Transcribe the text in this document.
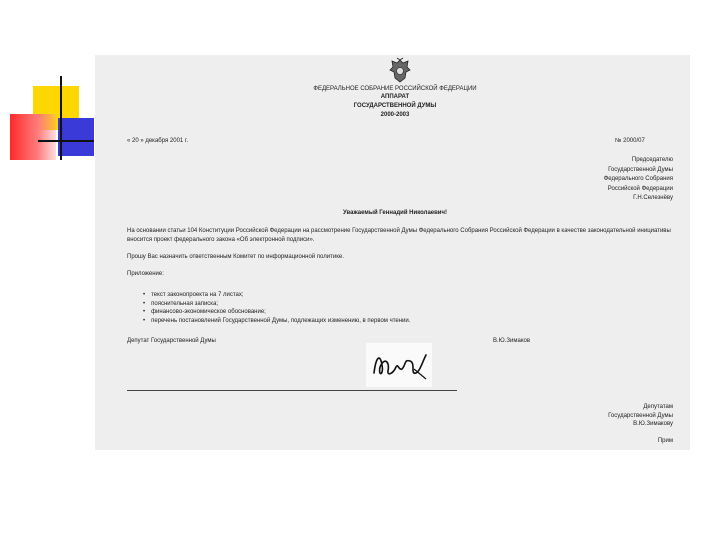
ФЕДЕРАЛЬНОЕ СОБРАНИЕ РОССИЙСКОЙ ФЕДЕРАЦИИ
АППАРАТ
ГОСУДАРСТВЕННОЙ ДУМЫ
2000-2003
« 20 » декабря 2001 г.	№ 2000/07
Председателю
Государственной Думы
Федерального Собрания
Российской Федерации
Г.Н.Селезнёву
Уважаемый Геннадий Николаевич!
На основании статьи 104 Конституции Российской Федерации на рассмотрение Государственной Думы Федерального Собрания Российской Федерации в качестве законодательной инициативы вносится проект федерального закона «Об электронной подписи».
Прошу Вас назначить ответственным Комитет по информационной политике.
Приложение:
• текст законопроекта на 7 листах;
• пояснительная записка;
• финансово-экономическое обоснование;
• перечень постановлений Государственной Думы, подлежащих изменению, в первом чтении.
Депутат Государственной Думы	В.Ю.Зимаков
Депутатам
Государственной Думы
В.Ю.Зимакову
Прим
